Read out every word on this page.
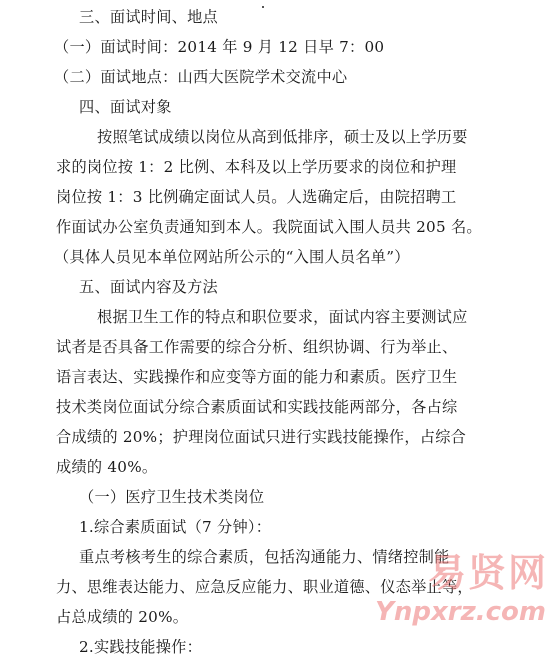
三、面试时间、地点
（一）面试时间：2014 年 9 月 12 日早 7：00
（二）面试地点：山西大医院学术交流中心
四、面试对象
按照笔试成绩以岗位从高到低排序，硕士及以上学历要
求的岗位按 1：2 比例、本科及以上学历要求的岗位和护理
岗位按 1：3 比例确定面试人员。人选确定后，由院招聘工
作面试办公室负责通知到本人。我院面试入围人员共 205 名。
（具体人员见本单位网站所公示的“入围人员名单”）
五、面试内容及方法
根据卫生工作的特点和职位要求，面试内容主要测试应
试者是否具备工作需要的综合分析、组织协调、行为举止、
语言表达、实践操作和应变等方面的能力和素质。医疗卫生
技术类岗位面试分综合素质面试和实践技能两部分，各占综
合成绩的 20%；护理岗位面试只进行实践技能操作，占综合
成绩的 40%。
（一）医疗卫生技术类岗位
1.综合素质面试（7 分钟）：
重点考核考生的综合素质，包括沟通能力、情绪控制能
力、思维表达能力、应急反应能力、职业道德、仪态举止等，
占总成绩的 20%。
2.实践技能操作：
易贤网
Ynpxrz.com
